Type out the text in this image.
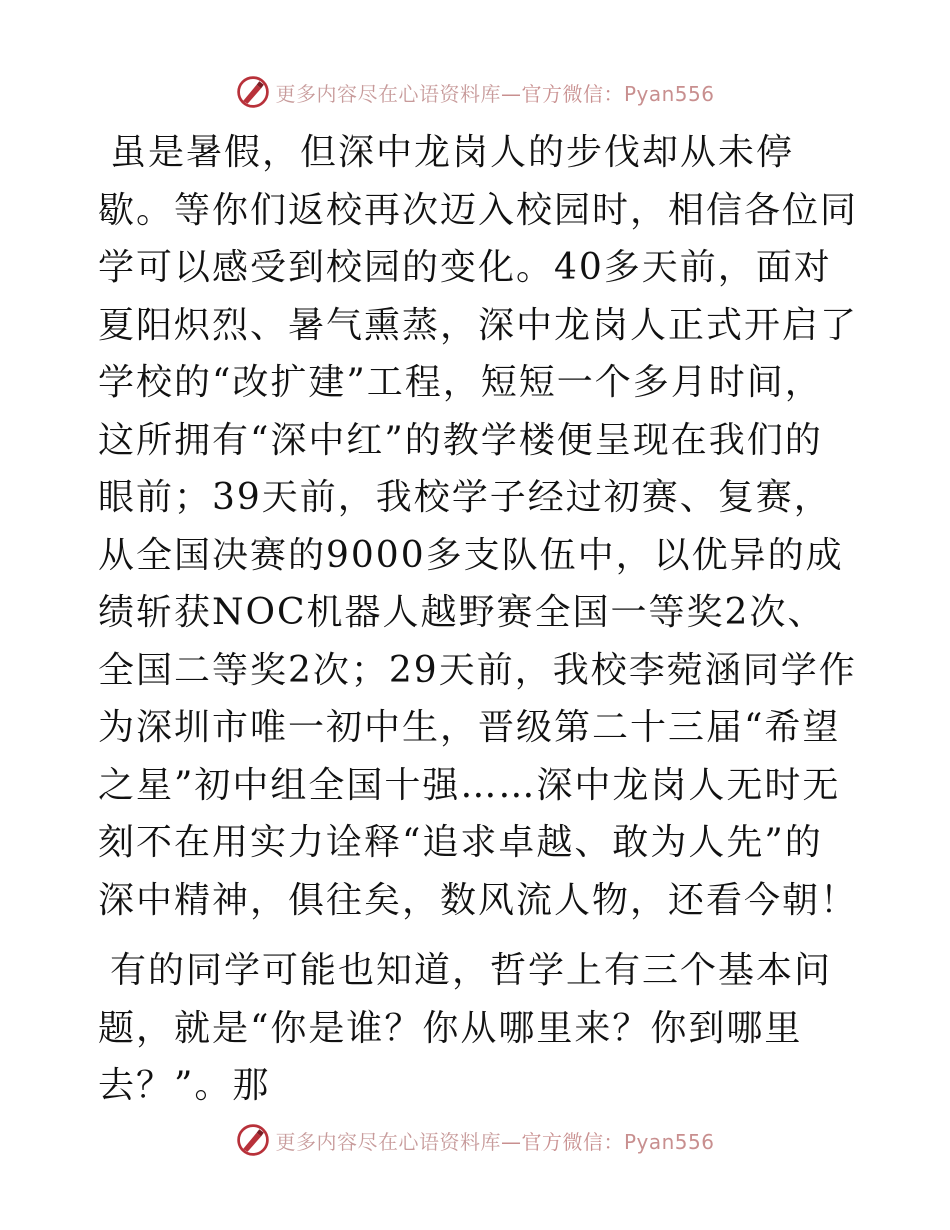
更多内容尽在心语资料库 —官方微信：Pyan556

虽是暑假，但深中龙岗人的步伐却从未停歇。等你们返校再次迈入校园时，相信各位同学可以感受到校园的变化。40多天前，面对夏阳炽烈、暑气熏蒸，深中龙岗人正式开启了学校的“改扩建”工程，短短一个多月时间，这所拥有“深中红”的教学楼便呈现在我们的眼前；39天前，我校学子经过初赛、复赛，从全国决赛的9000多支队伍中，以优异的成绩斩获NOC机器人越野赛全国一等奖2次、全国二等奖2次；29天前，我校李菀涵同学作为深圳市唯一初中生，晋级第二十三届“希望之星”初中组全国十强……深中龙岗人无时无刻不在用实力诠释“追求卓越、敢为人先”的深中精神，俱往矣，数风流人物，还看今朝！

有的同学可能也知道，哲学上有三个基本问题，就是“你是谁？你从哪里来？你到哪里去？”。那

更多内容尽在心语资料库 —官方微信：Pyan556
